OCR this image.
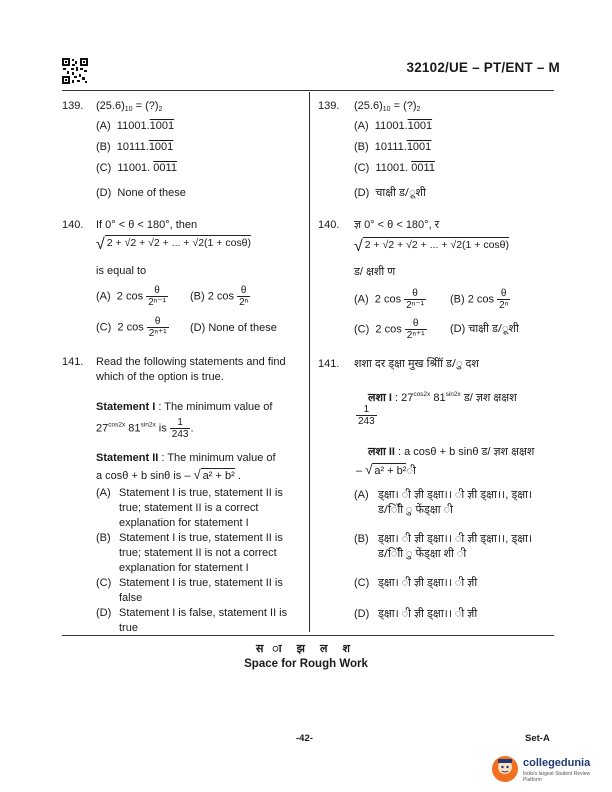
32102/UE – PT/ENT – M
139. $(25.6)_{10}$ = $(?)_2$
(A) 11001.1001
(B) 10111.1001
(C) 11001. 0011
(D) None of these
140. If 0° < θ < 180°, then
√ 2 + √2 + √2 + ... + √2(1 + cosθ)
is equal to
(A) 2 $\cos \frac{\theta}{\text{2ⁿ⁻¹}} (B)$ 2 $\cos \frac{\theta}{\text{2ⁿ}}$
(C) 2 $\cos \frac{\theta}{\text{2ⁿ⁺¹}} (D)$ None of these
141. Read the following statements and find which of the option is true.
Statement I : The minimum value of
$27^{cos2x}$ $81^{sin2x}$ is $\frac{1}{243}$ .
Statement II : The minimum value of
a cosθ + b sinθ is – √ a² + b² .
(A) Statement I is true, statement II is true; statement II is a correct explanation for statement I
(B) Statement I is true, statement II is true; statement II is not a correct explanation for statement I
(C) Statement I is true, statement II is false
(D) Statement I is false, statement II is true
139. $(25.6)_{10}$ = $(?)_2$
(A) 11001.1001
(B) 10111.1001
(C) 11001. 0011
(D) चाक्षी ड/ूशी
140. ज्ञ 0° < θ < 180°, र
√ 2 + √2 + √2 + ... + √2(1 + cosθ)
ड/ क्षशी ण
(A) 2 $\cos \frac{\theta}{\text{2ⁿ⁻¹}} (B)$ 2 $\cos \frac{\theta}{\text{2ⁿ}}$
(C) 2 $\cos \frac{\theta}{\text{2ⁿ⁺¹}} (D)$ चाक्षी ड/ूशी
141. शशा दर ड्क्षा मुख श्रीॉि ड/ु दश
लशा I : $27^{cos2x}$ $81^{sin2x}$ ड/ ज्ञश क्षक्षश
$\frac{1}{243}$
लशा II : a cosθ + b sinθ ड/ ज्ञश क्षक्षश
– √ a² + b²ी
(A) ड्क्षा। ी ज्ञी ड्क्षा।। ी ज्ञी ड्क्षा।।, ड्क्षा। ड/ॉिी ु फेंड्क्षा ी
(B) ड्क्षा। ी ज्ञी ड्क्षा।। ी ज्ञी ड्क्षा।।, ड्क्षा। ड/ॉिी ु फेंड्क्षा शी ी
(C) ड्क्षा। ी ज्ञी ड्क्षा।। ी ज्ञी
(D) ड्क्षा। ी ज्ञी ड्क्षा।। ी ज्ञी
स ा झ ल श
Space for Rough Work
-42-	Set-A
collegedunia
India's largest Student Review Platform
